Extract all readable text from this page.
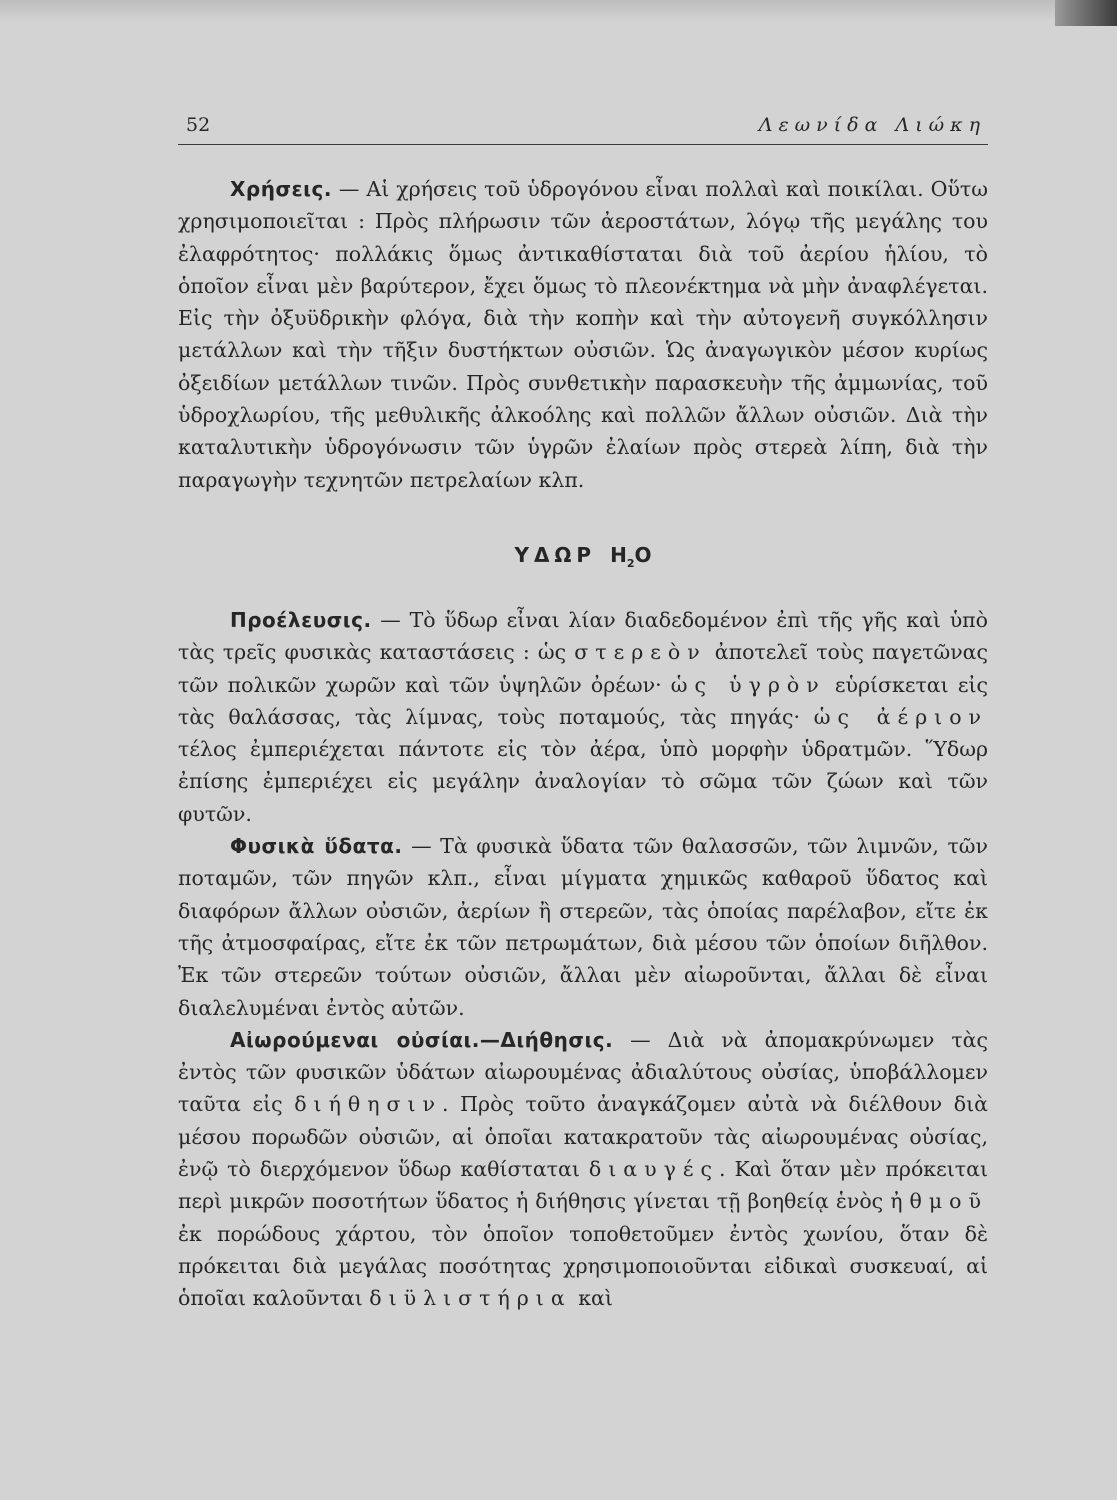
52	Λεωνίδα Λιώκη

Χρήσεις. — Αἱ χρήσεις τοῦ ὑδρογόνου εἶναι πολλαὶ καὶ ποικίλαι. Οὕτω χρησιμοποιεῖται : Πρὸς πλήρωσιν τῶν ἀεροστάτων, λόγῳ τῆς μεγάλης του ἐλαφρότητος· πολλάκις ὅμως ἀντικαθίσταται διὰ τοῦ ἀερίου ἡλίου, τὸ ὁποῖον εἶναι μὲν βαρύτερον, ἔχει ὅμως τὸ πλεονέκτημα νὰ μὴν ἀναφλέγεται. Εἰς τὴν ὀξυϋδρικὴν φλόγα, διὰ τὴν κοπὴν καὶ τὴν αὐτογενῆ συγκόλλησιν μετάλλων καὶ τὴν τῆξιν δυστήκτων οὐσιῶν. Ὡς ἀναγωγικὸν μέσον κυρίως ὀξειδίων μετάλλων τινῶν. Πρὸς συνθετικὴν παρασκευὴν τῆς ἀμμωνίας, τοῦ ὑδροχλωρίου, τῆς μεθυλικῆς ἀλκοόλης καὶ πολλῶν ἄλλων οὐσιῶν. Διὰ τὴν καταλυτικὴν ὑδρογόνωσιν τῶν ὑγρῶν ἐλαίων πρὸς στερεὰ λίπη, διὰ τὴν παραγωγὴν τεχνητῶν πετρελαίων κλπ.

ΥΔΩΡ $H_2O$

Προέλευσις. — Τὸ ὕδωρ εἶναι λίαν διαδεδομένον ἐπὶ τῆς γῆς καὶ ὑπὸ τὰς τρεῖς φυσικὰς καταστάσεις : ὡς στερεὸν ἀποτελεῖ τοὺς παγετῶνας τῶν πολικῶν χωρῶν καὶ τῶν ὑψηλῶν ὀρέων· ὡς ὑγρὸν εὑρίσκεται εἰς τὰς θαλάσσας, τὰς λίμνας, τοὺς ποταμούς, τὰς πηγάς· ὡς ἀέριον τέλος ἐμπεριέχεται πάντοτε εἰς τὸν ἀέρα, ὑπὸ μορφὴν ὑδρατμῶν. Ὕδωρ ἐπίσης ἐμπεριέχει εἰς μεγάλην ἀναλογίαν τὸ σῶμα τῶν ζώων καὶ τῶν φυτῶν.

Φυσικὰ ὕδατα. — Τὰ φυσικὰ ὕδατα τῶν θαλασσῶν, τῶν λιμνῶν, τῶν ποταμῶν, τῶν πηγῶν κλπ., εἶναι μίγματα χημικῶς καθαροῦ ὕδατος καὶ διαφόρων ἄλλων οὐσιῶν, ἀερίων ἢ στερεῶν, τὰς ὁποίας παρέλαβον, εἴτε ἐκ τῆς ἀτμοσφαίρας, εἴτε ἐκ τῶν πετρωμάτων, διὰ μέσου τῶν ὁποίων διῆλθον. Ἐκ τῶν στερεῶν τούτων οὐσιῶν, ἄλλαι μὲν αἰωροῦνται, ἄλλαι δὲ εἶναι διαλελυμέναι ἐντὸς αὐτῶν.

Αἰωρούμεναι οὐσίαι.—Διήθησις. — Διὰ νὰ ἀπομακρύνωμεν τὰς ἐντὸς τῶν φυσικῶν ὑδάτων αἰωρουμένας ἀδιαλύτους οὐσίας, ὑποβάλλομεν ταῦτα εἰς διήθησιν. Πρὸς τοῦτο ἀναγκάζομεν αὐτὰ νὰ διέλθουν διὰ μέσου πορωδῶν οὐσιῶν, αἱ ὁποῖαι κατακρατοῦν τὰς αἰωρουμένας οὐσίας, ἐνῷ τὸ διερχόμενον ὕδωρ καθίσταται διαυγές. Καὶ ὅταν μὲν πρόκειται περὶ μικρῶν ποσοτήτων ὕδατος ἡ διήθησις γίνεται τῇ βοηθείᾳ ἑνὸς ἠθμοῦ ἐκ πορώδους χάρτου, τὸν ὁποῖον τοποθετοῦμεν ἐντὸς χωνίου, ὅταν δὲ πρόκειται διὰ μεγάλας ποσότητας χρησιμοποιοῦνται εἰδικαὶ συσκευαί, αἱ ὁποῖαι καλοῦνται διϋλιστήρια καὶ
